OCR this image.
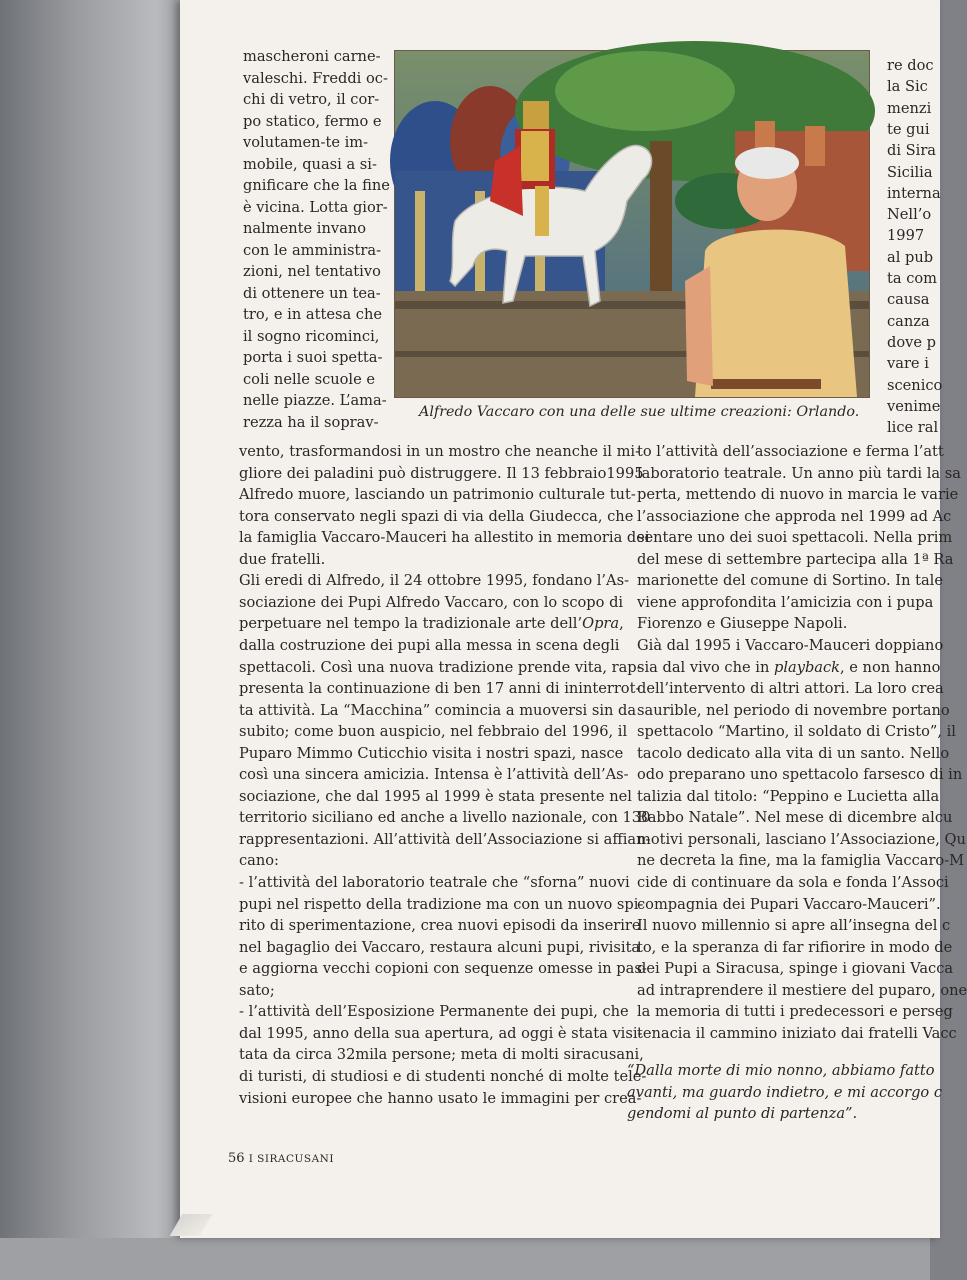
mascheroni carne-
valeschi. Freddi oc-
chi di vetro, il cor-
po statico, fermo e
volutamen-te im-
mobile, quasi a si-
gnificare che la fine
è vicina. Lotta gior-
nalmente invano
con le amministra-
zioni, nel tentativo
di ottenere un tea-
tro, e in attesa che
il sogno ricominci,
porta i suoi spetta-
coli nelle scuole e
nelle piazze. L’ama-
rezza ha il soprav-
vento, trasformandosi in un mostro che neanche il mi-
gliore dei paladini può distruggere. Il 13 febbraio1995
Alfredo muore, lasciando un patrimonio culturale tut-
tora conservato negli spazi di via della Giudecca, che
la famiglia Vaccaro-Mauceri ha allestito in memoria dei
due fratelli.
Gli eredi di Alfredo, il 24 ottobre 1995, fondano l’As-
sociazione dei Pupi Alfredo Vaccaro, con lo scopo di
perpetuare nel tempo la tradizionale arte dell’Opra,
dalla costruzione dei pupi alla messa in scena degli
spettacoli. Così una nuova tradizione prende vita, rap-
presenta la continuazione di ben 17 anni di ininterrot-
ta attività. La “Macchina” comincia a muoversi sin da
subito; come buon auspicio, nel febbraio del 1996, il
Puparo Mimmo Cuticchio visita i nostri spazi, nasce
così una sincera amicizia. Intensa è l’attività dell’As-
sociazione, che dal 1995 al 1999 è stata presente nel
territorio siciliano ed anche a livello nazionale, con 130
rappresentazioni. All’attività dell’Associazione si affian-
cano:
- l’attività del laboratorio teatrale che “sforna” nuovi
pupi nel rispetto della tradizione ma con un nuovo spi-
rito di sperimentazione, crea nuovi episodi da inserire
nel bagaglio dei Vaccaro, restaura alcuni pupi, rivisita
e aggiorna vecchi copioni con sequenze omesse in pas-
sato;
- l’attività dell’Esposizione Permanente dei pupi, che
dal 1995, anno della sua apertura, ad oggi è stata visi-
tata da circa 32mila persone; meta di molti siracusani,
di turisti, di studiosi e di studenti nonché di molte tele-
visioni europee che hanno usato le immagini per crea-
re doc
la Sic
menzi
te gui
di Sira
Sicilia
interna
Nell’o
1997
al pub
ta com
causa
canza
dove p
vare i
scenico
venime
lice ral
to l’attività dell’associazione e ferma l’att
laboratorio teatrale. Un anno più tardi la sa
perta, mettendo di nuovo in marcia le varie
l’associazione che approda nel 1999 ad Ac
sentare uno dei suoi spettacoli. Nella prim
del mese di settembre partecipa alla 1ª Ra
marionette del comune di Sortino. In tale
viene approfondita l’amicizia con i pupa
Fiorenzo e Giuseppe Napoli.
Già dal 1995 i Vaccaro-Mauceri doppiano
sia dal vivo che in playback, e non hanno
dell’intervento di altri attori. La loro crea
saurible, nel periodo di novembre portano
spettacolo “Martino, il soldato di Cristo”, il
tacolo dedicato alla vita di un santo. Nello
odo preparano uno spettacolo farsesco di in
talizia dal titolo: “Peppino e Lucietta alla
Babbo Natale”. Nel mese di dicembre alcu
motivi personali, lasciano l’Associazione, Qu
ne decreta la fine, ma la famiglia Vaccaro-M
cide di continuare da sola e fonda l’Associ
compagnia dei Pupari Vaccaro-Mauceri”.
Il nuovo millennio si apre all’insegna del c
to, e la speranza di far rifiorire in modo de
dei Pupi a Siracusa, spinge i giovani Vacca
ad intraprendere il mestiere del puparo, one
la memoria di tutti i predecessori e perseg
tenacia il cammino iniziato dai fratelli Vacc
“Dalla morte di mio nonno, abbiamo fatto
avanti, ma guardo indietro, e mi accorgo c
gendomi al punto di partenza”.
Alfredo Vaccaro con una delle sue ultime creazioni: Orlando.
56 I SIRACUSANI
